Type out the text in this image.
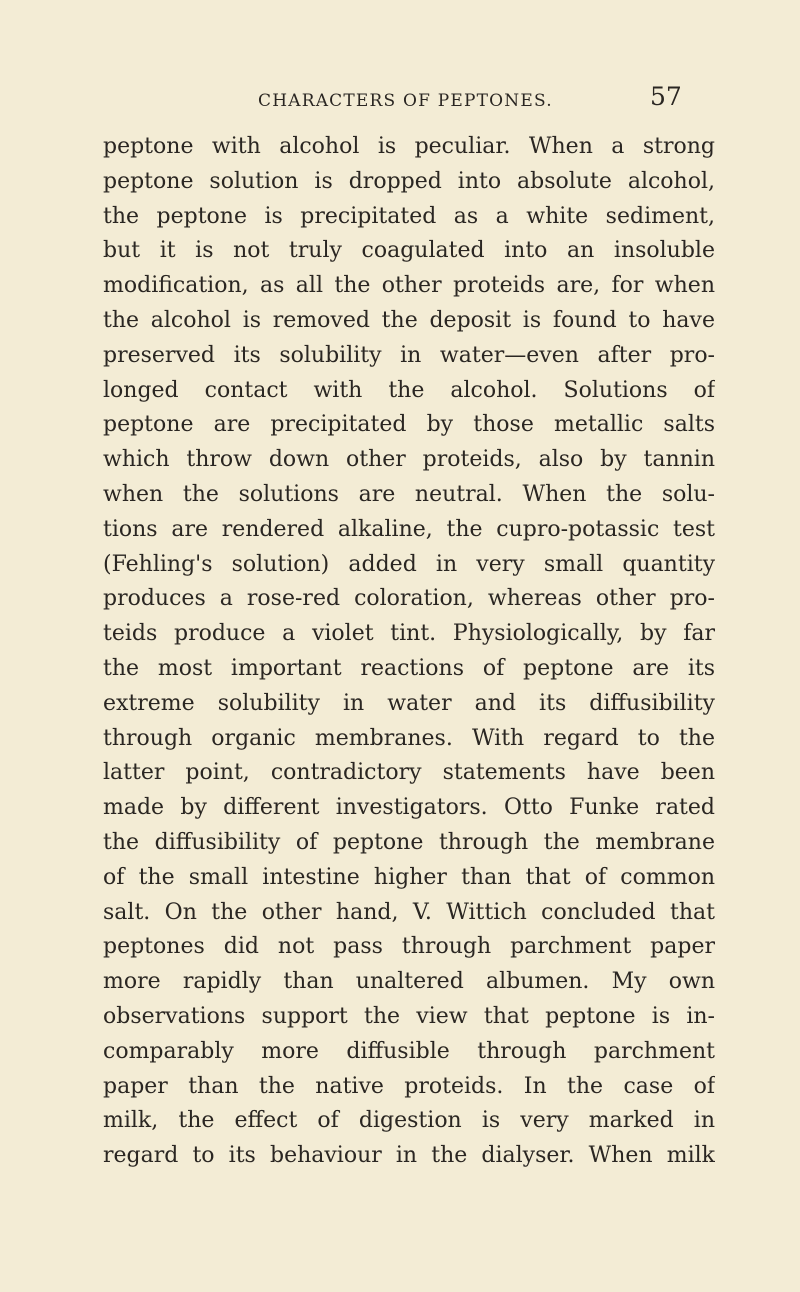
CHARACTERS OF PEPTONES.	57
peptone with alcohol is peculiar. When a strong
peptone solution is dropped into absolute alcohol,
the peptone is precipitated as a white sediment,
but it is not truly coagulated into an insoluble
modification, as all the other proteids are, for when
the alcohol is removed the deposit is found to have
preserved its solubility in water—even after pro-
longed contact with the alcohol. Solutions of
peptone are precipitated by those metallic salts
which throw down other proteids, also by tannin
when the solutions are neutral. When the solu-
tions are rendered alkaline, the cupro-potassic test
(Fehling's solution) added in very small quantity
produces a rose-red coloration, whereas other pro-
teids produce a violet tint. Physiologically, by far
the most important reactions of peptone are its
extreme solubility in water and its diffusibility
through organic membranes. With regard to the
latter point, contradictory statements have been
made by different investigators. Otto Funke rated
the diffusibility of peptone through the membrane
of the small intestine higher than that of common
salt. On the other hand, V. Wittich concluded that
peptones did not pass through parchment paper
more rapidly than unaltered albumen. My own
observations support the view that peptone is in-
comparably more diffusible through parchment
paper than the native proteids. In the case of
milk, the effect of digestion is very marked in
regard to its behaviour in the dialyser. When milk
